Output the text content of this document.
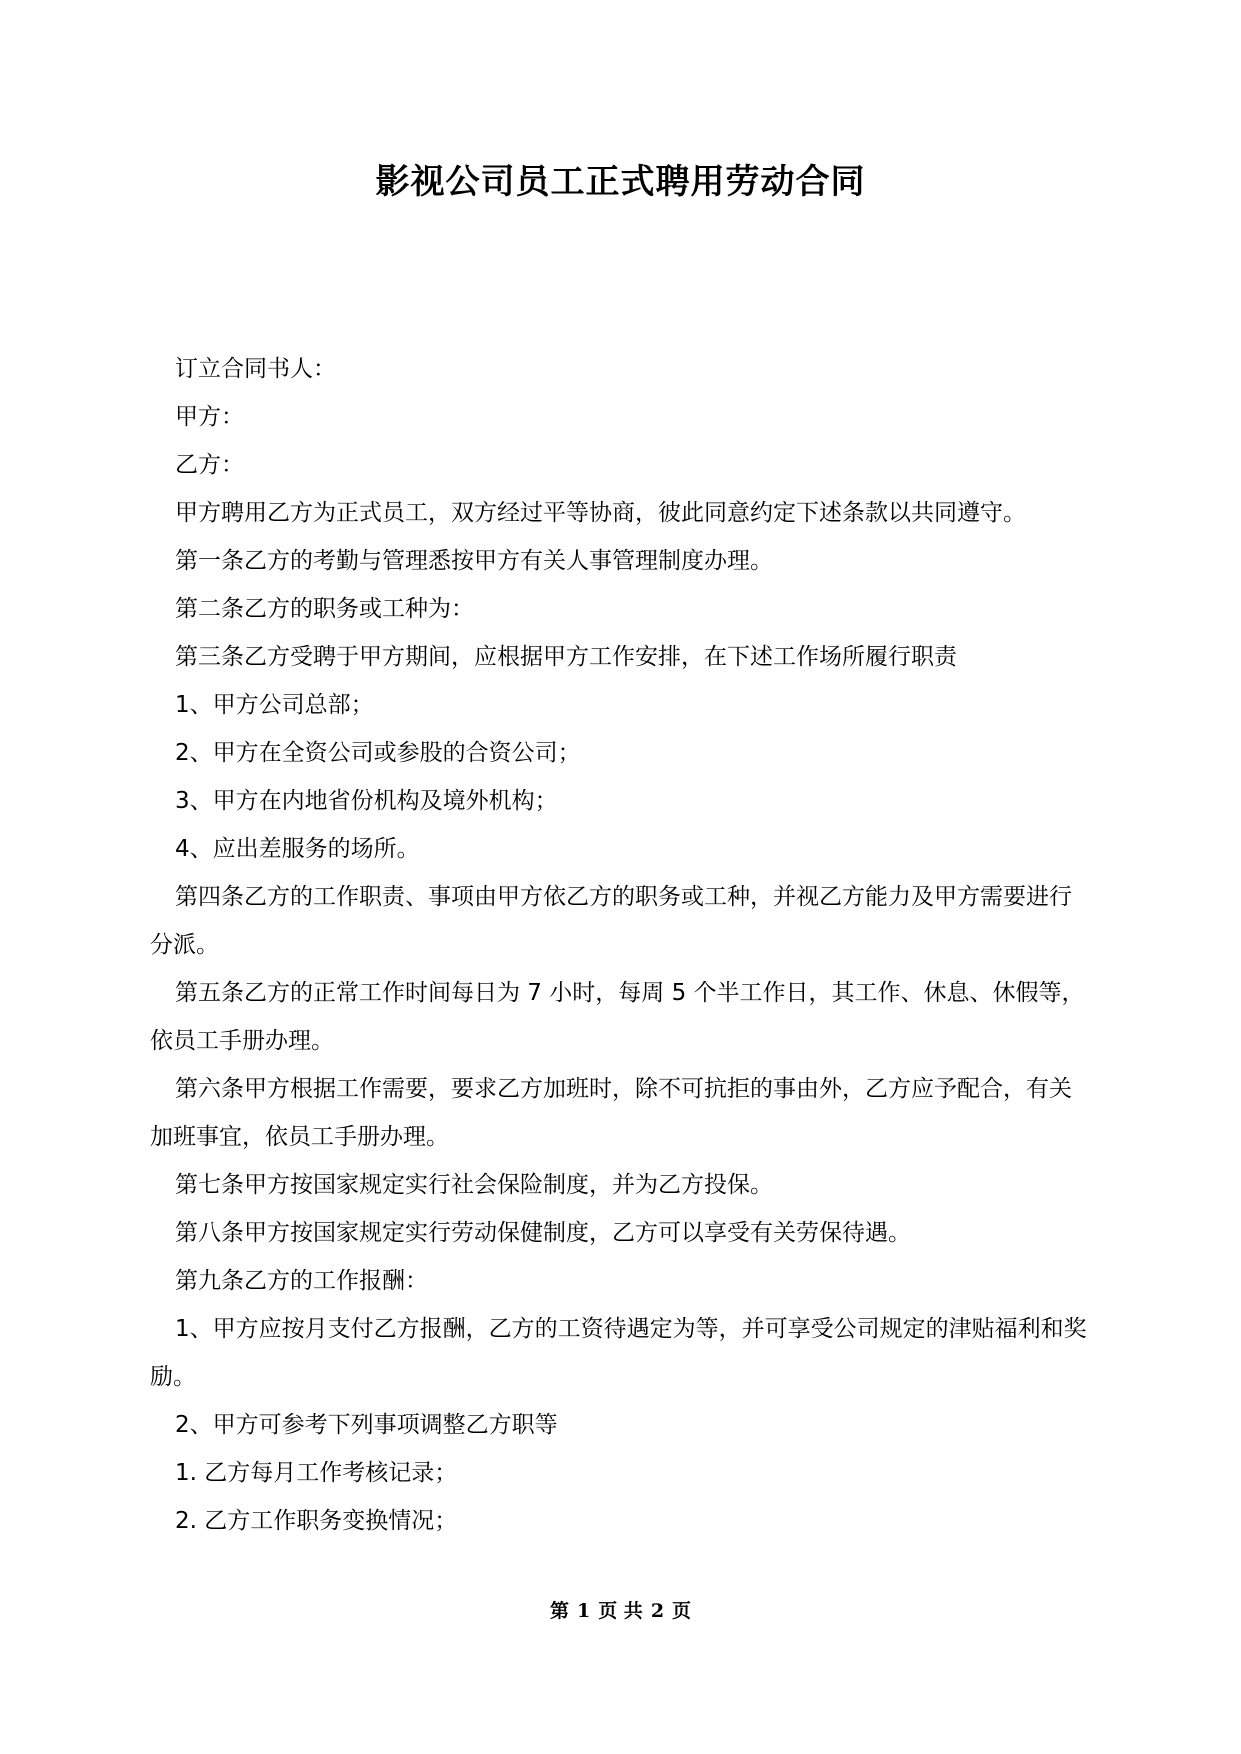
影视公司员工正式聘用劳动合同

订立合同书人：

甲方：

乙方：

甲方聘用乙方为正式员工，双方经过平等协商，彼此同意约定下述条款以共同遵守。

第一条乙方的考勤与管理悉按甲方有关人事管理制度办理。

第二条乙方的职务或工种为：

第三条乙方受聘于甲方期间，应根据甲方工作安排，在下述工作场所履行职责

1、甲方公司总部；

2、甲方在全资公司或参股的合资公司；

3、甲方在内地省份机构及境外机构；

4、应出差服务的场所。

第四条乙方的工作职责、事项由甲方依乙方的职务或工种，并视乙方能力及甲方需要进行分派。

第五条乙方的正常工作时间每日为 7 小时，每周 5 个半工作日，其工作、休息、休假等，依员工手册办理。

第六条甲方根据工作需要，要求乙方加班时，除不可抗拒的事由外，乙方应予配合，有关加班事宜，依员工手册办理。

第七条甲方按国家规定实行社会保险制度，并为乙方投保。

第八条甲方按国家规定实行劳动保健制度，乙方可以享受有关劳保待遇。

第九条乙方的工作报酬：

1、甲方应按月支付乙方报酬，乙方的工资待遇定为等，并可享受公司规定的津贴福利和奖励。

2、甲方可参考下列事项调整乙方职等

1. 乙方每月工作考核记录；

2. 乙方工作职务变换情况；

第 1 页 共 2 页
